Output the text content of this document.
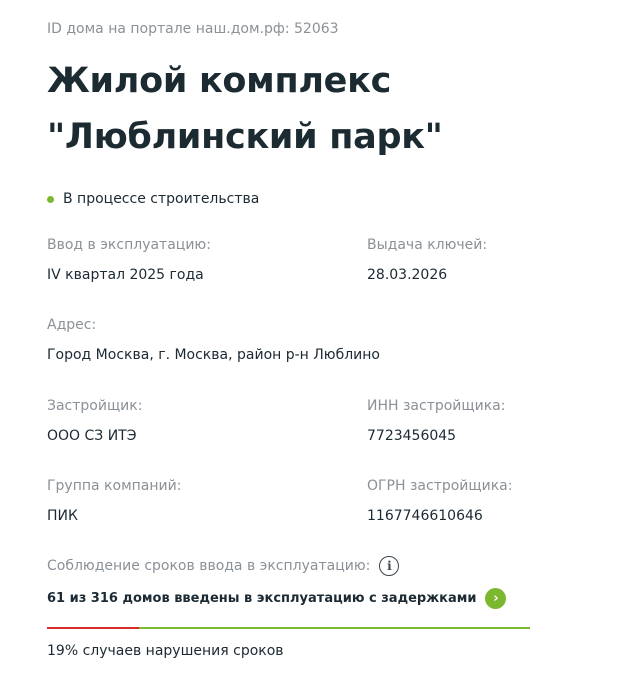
ID дома на портале наш.дом.рф: 52063
Жилой комплекс "Люблинский парк"
В процессе строительства
Ввод в эксплуатацию:
IV квартал 2025 года
Выдача ключей:
28.03.2026
Адрес:
Город Москва, г. Москва, район р-н Люблино
Застройщик:
ООО СЗ ИТЭ
ИНН застройщика:
7723456045
Группа компаний:
ПИК
ОГРН застройщика:
1167746610646
Соблюдение сроков ввода в эксплуатацию:	i
61 из 316 домов введены в эксплуатацию с задержками	›
19% случаев нарушения сроков
